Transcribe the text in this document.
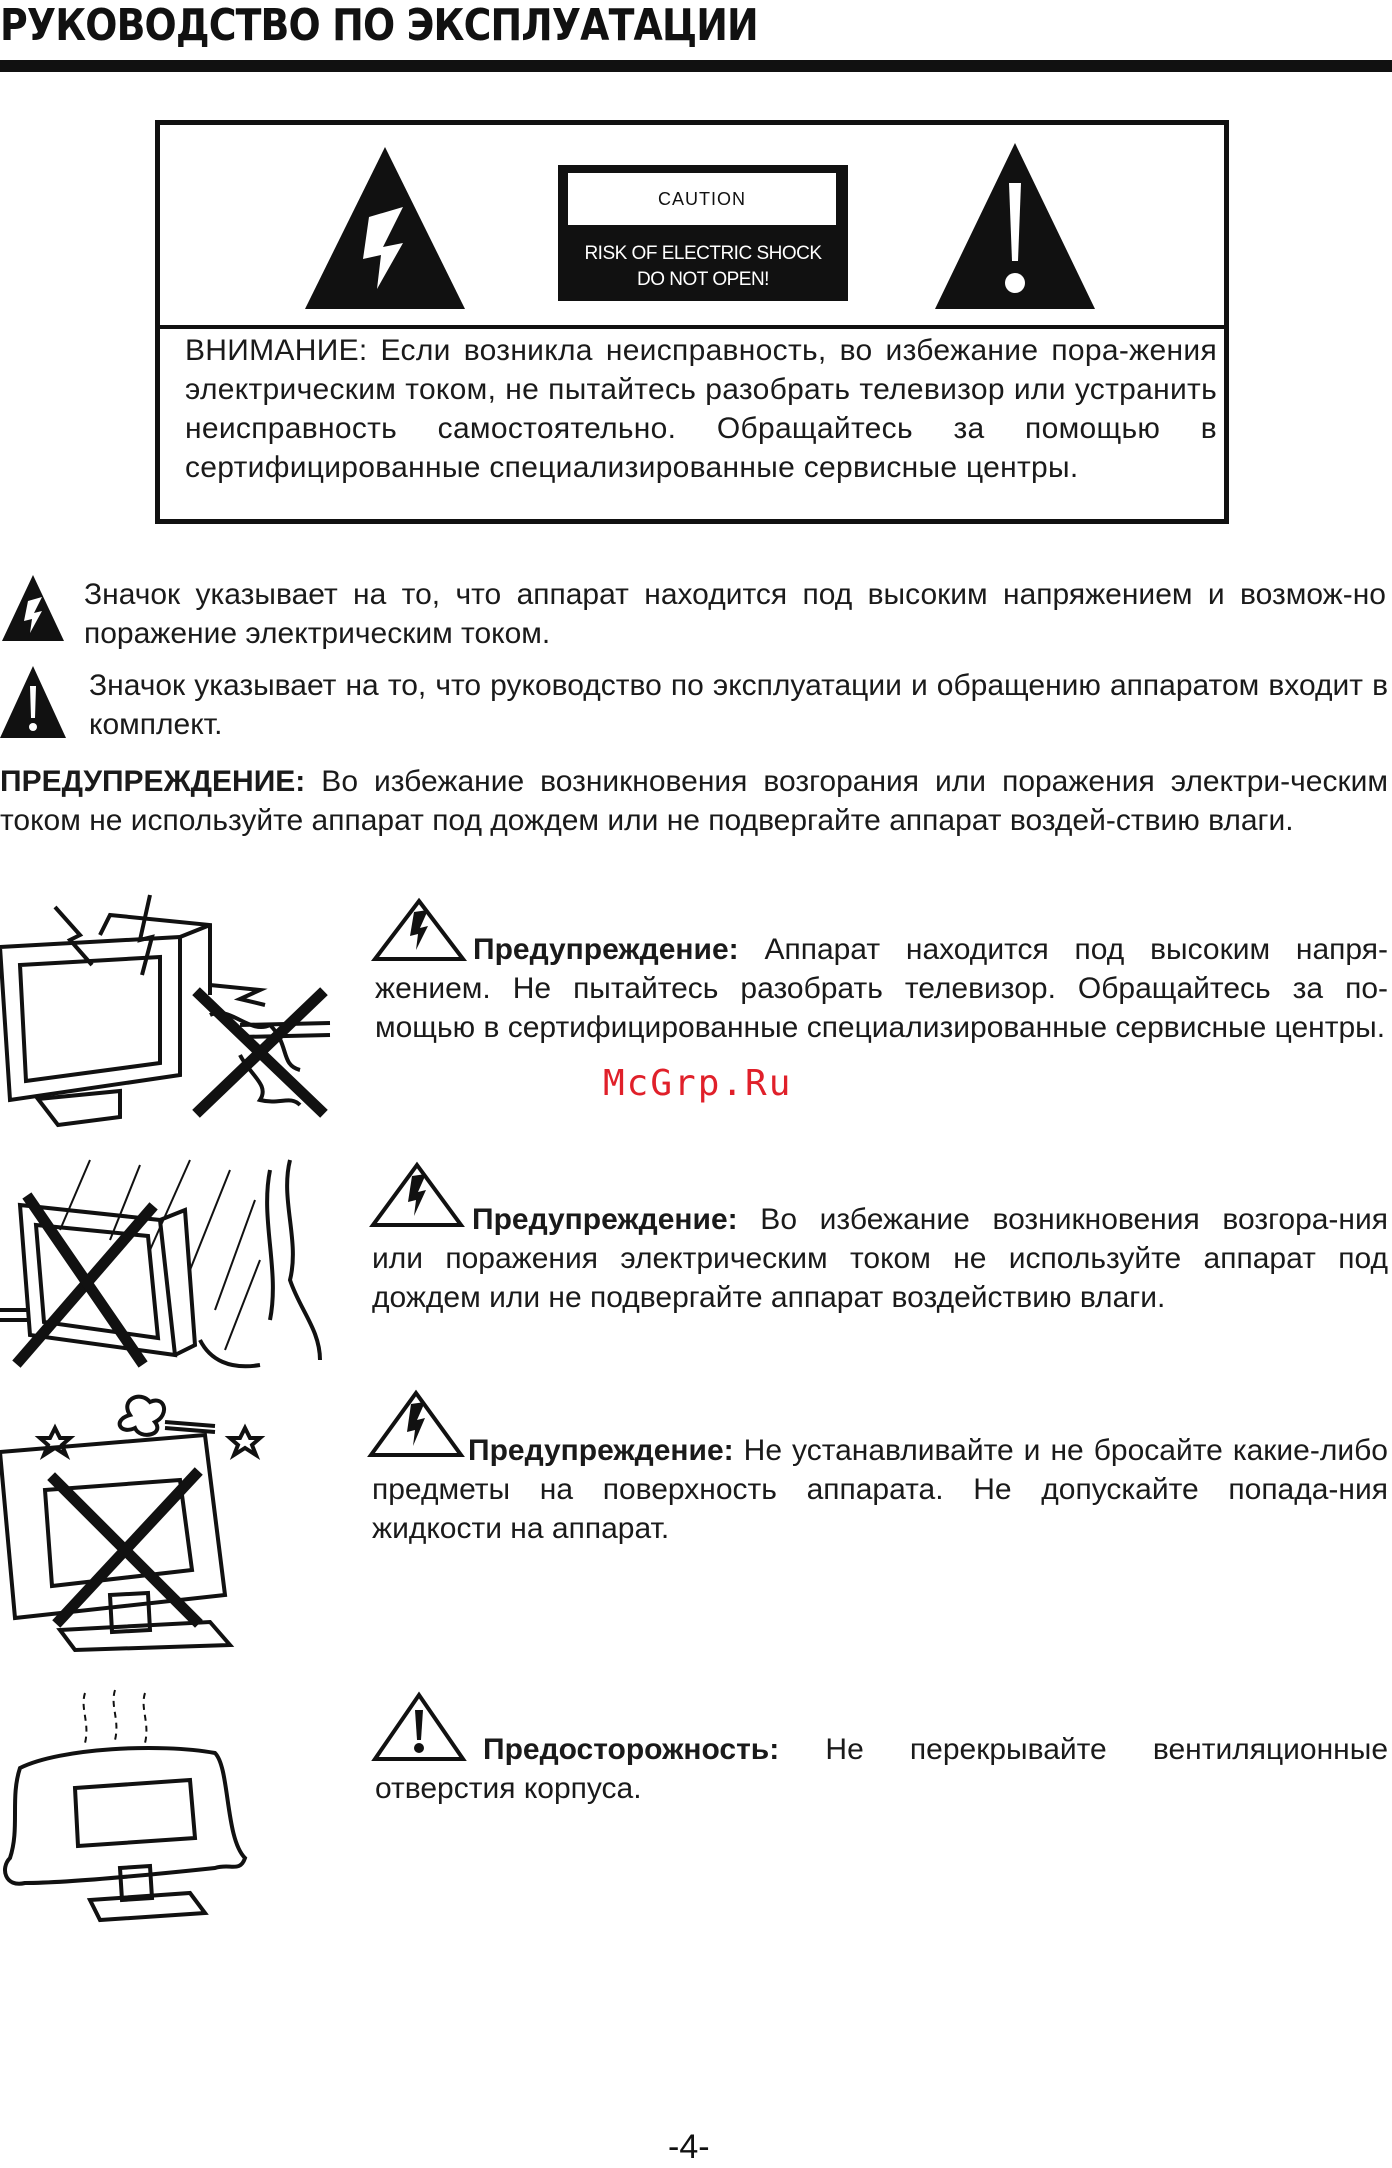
РУКОВОДСТВО ПО ЭКСПЛУАТАЦИИ
CAUTION
RISK OF ELECTRIC SHOCK
DO NOT OPEN!
ВНИМАНИЕ: Если возникла неисправность, во избежание пора-жения электрическим током, не пытайтесь разобрать телевизор или устранить неисправность самостоятельно. Обращайтесь за помощью в сертифицированные специализированные сервисные центры.
Значок указывает на то, что аппарат находится под высоким напряжением и возмож-но поражение электрическим током.
Значок указывает на то, что руководство по эксплуатации и обращению аппаратом входит в комплект.
ПРЕДУПРЕЖДЕНИЕ: Во избежание возникновения возгорания или поражения электри-ческим током не используйте аппарат под дождем или не подвергайте аппарат воздей-ствию влаги.
Предупреждение: Аппарат находится под высоким напря-жением. Не пытайтесь разобрать телевизор. Обращайтесь за по-мощью в сертифицированные специализированные сервисные центры.
McGrp.Ru
Предупреждение: Во избежание возникновения возгора-ния или поражения электрическим током не используйте аппарат под дождем или не подвергайте аппарат воздействию влаги.
Предупреждение: Не устанавливайте и не бросайте какие-либо предметы на поверхность аппарата. Не допускайте попада-ния жидкости на аппарат.
Предосторожность: Не перекрывайте вентиляционные отверстия корпуса.
-4-
